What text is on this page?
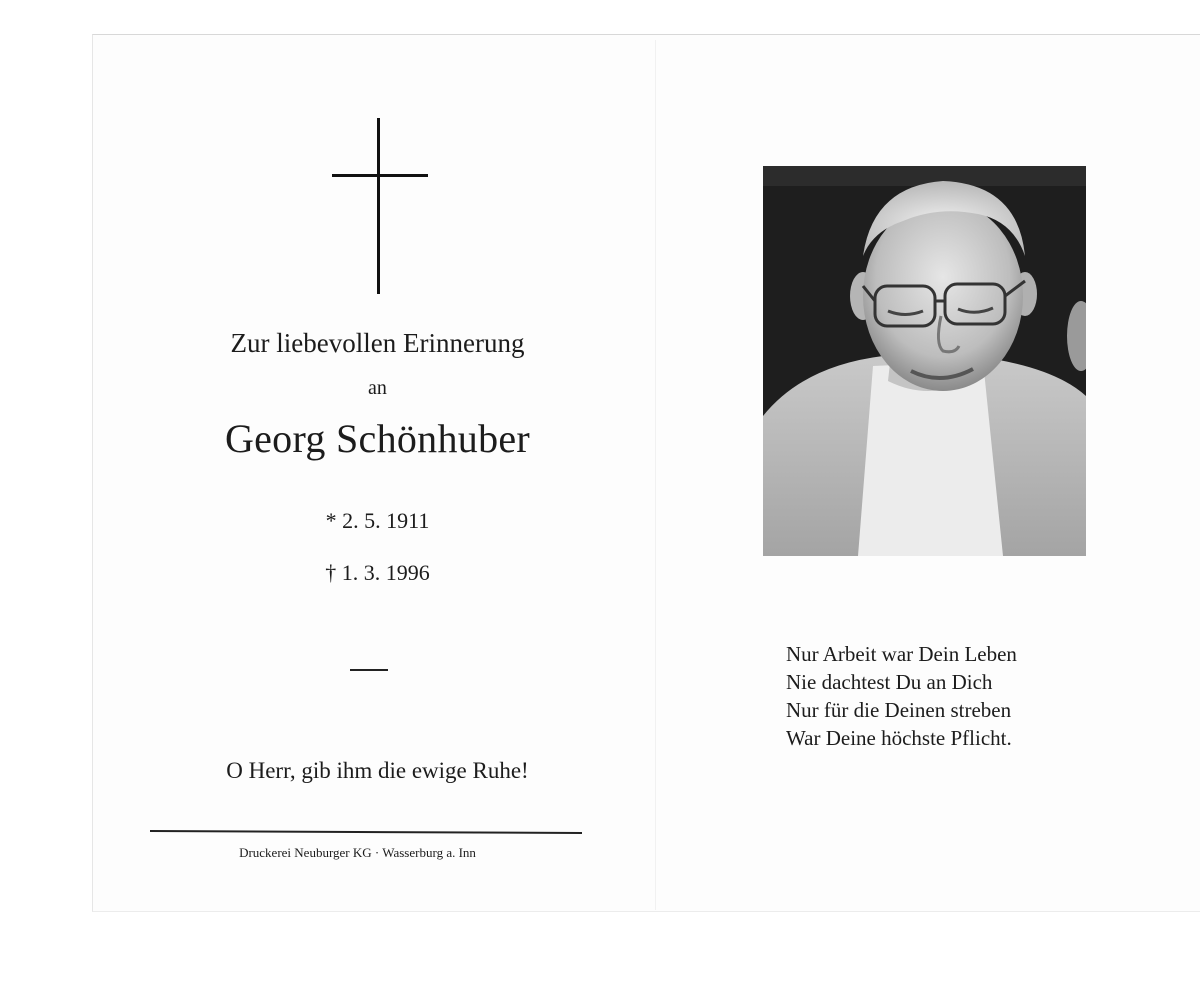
Zur liebevollen Erinnerung
an
Georg Schönhuber
* 2. 5. 1911
† 1. 3. 1996
O Herr, gib ihm die ewige Ruhe!
Druckerei Neuburger KG · Wasserburg a. Inn
Nur Arbeit war Dein Leben
Nie dachtest Du an Dich
Nur für die Deinen streben
War Deine höchste Pflicht.
